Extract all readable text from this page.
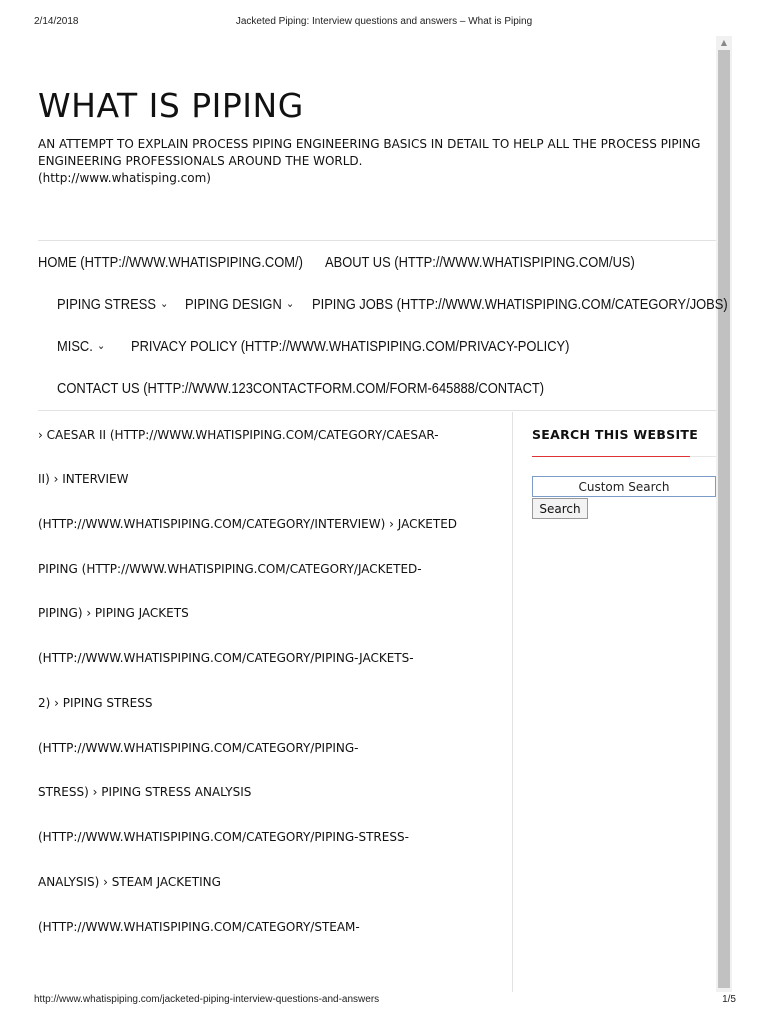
2/14/2018	Jacketed Piping: Interview questions and answers – What is Piping
▲
WHAT IS PIPING
AN ATTEMPT TO EXPLAIN PROCESS PIPING ENGINEERING BASICS IN DETAIL TO HELP ALL THE PROCESS PIPING
ENGINEERING PROFESSIONALS AROUND THE WORLD.
(http://www.whatisping.com)
HOME (HTTP://WWW.WHATISPIPING.COM/) ABOUT US (HTTP://WWW.WHATISPIPING.COM/US)
PIPING STRESS ⌄ PIPING DESIGN ⌄ PIPING JOBS (HTTP://WWW.WHATISPIPING.COM/CATEGORY/JOBS)
MISC. ⌄ PRIVACY POLICY (HTTP://WWW.WHATISPIPING.COM/PRIVACY-POLICY)
CONTACT US (HTTP://WWW.123CONTACTFORM.COM/FORM-645888/CONTACT)
› CAESAR II (HTTP://WWW.WHATISPIPING.COM/CATEGORY/CAESAR-
II) › INTERVIEW
(HTTP://WWW.WHATISPIPING.COM/CATEGORY/INTERVIEW) › JACKETED
PIPING (HTTP://WWW.WHATISPIPING.COM/CATEGORY/JACKETED-
PIPING) › PIPING JACKETS
(HTTP://WWW.WHATISPIPING.COM/CATEGORY/PIPING-JACKETS-
2) › PIPING STRESS
(HTTP://WWW.WHATISPIPING.COM/CATEGORY/PIPING-
STRESS) › PIPING STRESS ANALYSIS
(HTTP://WWW.WHATISPIPING.COM/CATEGORY/PIPING-STRESS-
ANALYSIS) › STEAM JACKETING
(HTTP://WWW.WHATISPIPING.COM/CATEGORY/STEAM-
SEARCH THIS WEBSITE
Custom Search
Search
http://www.whatispiping.com/jacketed-piping-interview-questions-and-answers	1/5
